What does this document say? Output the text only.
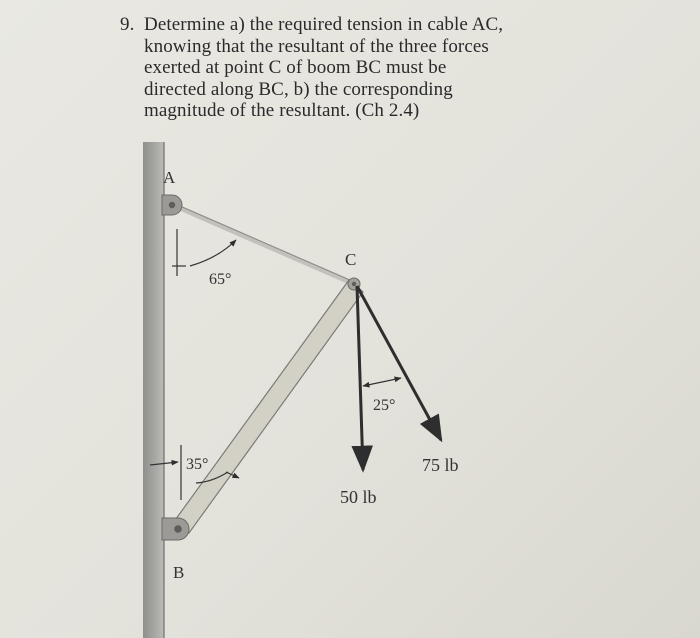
9. Determine a) the required tension in cable AC,
knowing that the resultant of the three forces
exerted at point C of boom BC must be
directed along BC, b) the corresponding
magnitude of the resultant. (Ch 2.4)
A
C
B
65°
35°
25°
50 lb
75 lb
